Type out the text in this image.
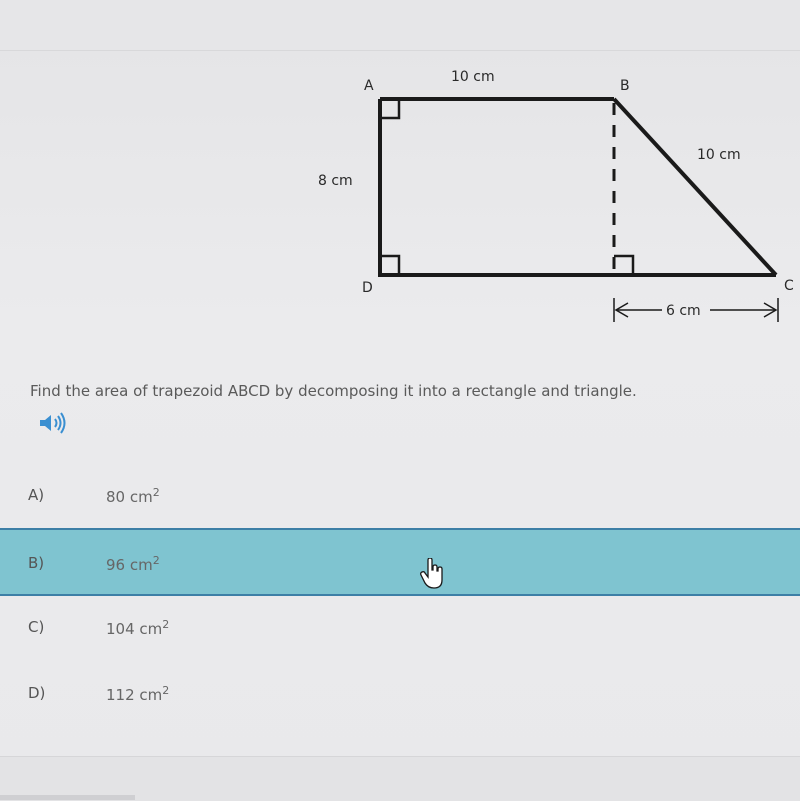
A	B
C
D
10 cm
10 cm
8 cm
6 cm
Find the area of trapezoid ABCD by decomposing it into a rectangle and triangle.
A)	80 $cm^2$
B)	96 $cm^2$
C)	104 $cm^2$
D)	112 $cm^2$
